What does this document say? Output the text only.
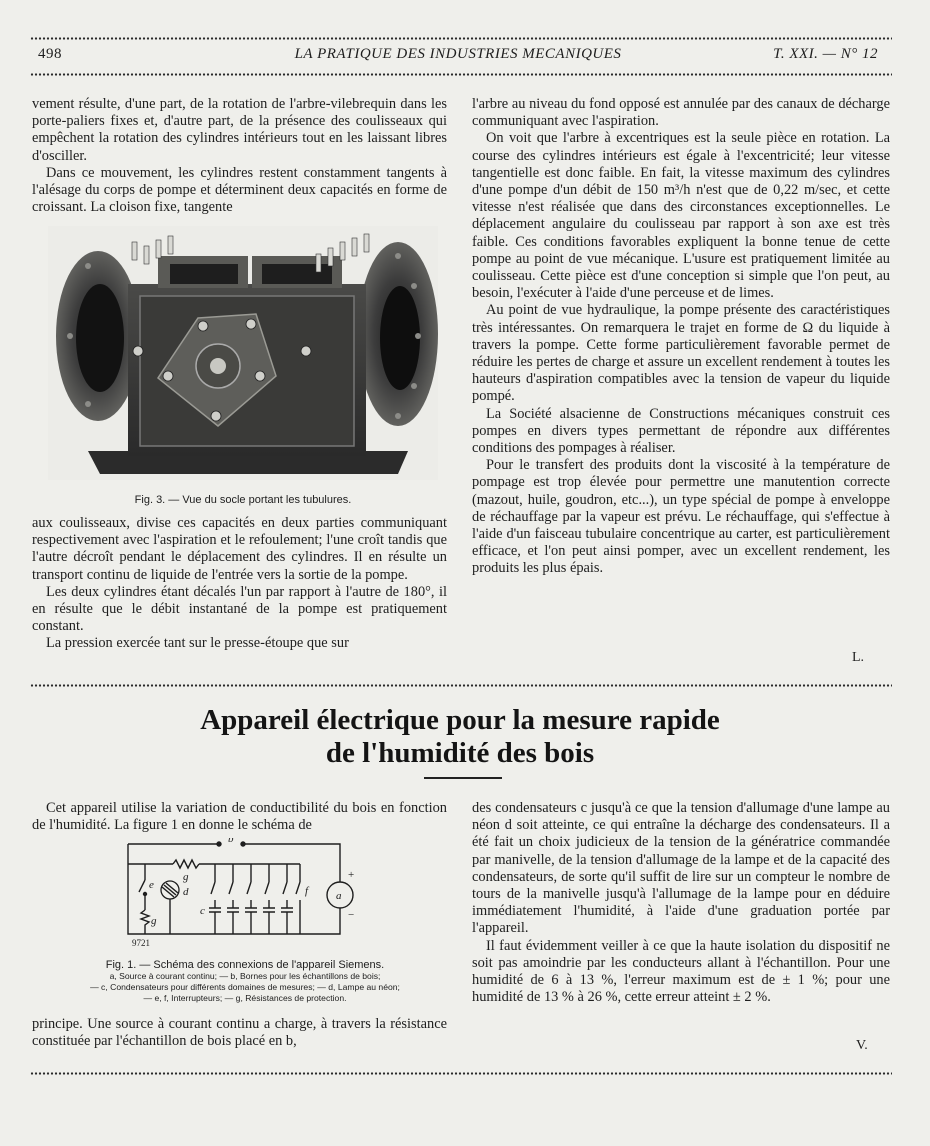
498	LA PRATIQUE DES INDUSTRIES MECANIQUES	T. XXI. — N° 12

vement résulte, d'une part, de la rotation de l'arbre-vilebrequin dans les porte-paliers fixes et, d'autre part, de la présence des coulisseaux qui empêchent la rotation des cylindres intérieurs tout en les laissant libres d'osciller.

Dans ce mouvement, les cylindres restent constamment tangents à l'alésage du corps de pompe et déterminent deux capacités en forme de croissant. La cloison fixe, tangente

Fig. 3. — Vue du socle portant les tubulures.

aux coulisseaux, divise ces capacités en deux parties communiquant respectivement avec l'aspiration et le refoulement; l'une croît tandis que l'autre décroît pendant le déplacement des cylindres. Il en résulte un transport continu de liquide de l'entrée vers la sortie de la pompe.

Les deux cylindres étant décalés l'un par rapport à l'autre de 180°, il en résulte que le débit instantané de la pompe est pratiquement constant.

La pression exercée tant sur le presse-étoupe que sur

l'arbre au niveau du fond opposé est annulée par des canaux de décharge communiquant avec l'aspiration.

On voit que l'arbre à excentriques est la seule pièce en rotation. La course des cylindres intérieurs est égale à l'excentricité; leur vitesse tangentielle est donc faible. En fait, la vitesse maximum des cylindres d'une pompe d'un débit de 150 m³/h n'est que de 0,22 m/sec, et cette vitesse n'est réalisée que dans des circonstances exceptionnelles. Le déplacement angulaire du coulisseau par rapport à son axe est très faible. Ces conditions favorables expliquent la bonne tenue de cette pompe au point de vue mécanique. L'usure est pratiquement limitée au coulisseau. Cette pièce est d'une conception si simple que l'on peut, au besoin, l'exécuter à l'aide d'une perceuse et de limes.

Au point de vue hydraulique, la pompe présente des caractéristiques très intéressantes. On remarquera le trajet en forme de Ω du liquide à travers la pompe. Cette forme particulièrement favorable permet de réduire les pertes de charge et assure un excellent rendement à toutes les hauteurs d'aspiration compatibles avec la tension de vapeur du liquide pompé.

La Société alsacienne de Constructions mécaniques construit ces pompes en divers types permettant de répondre aux différentes conditions des pompages à réaliser.

Pour le transfert des produits dont la viscosité à la température de pompage est trop élevée pour permettre une manutention correcte (mazout, huile, goudron, etc...), un type spécial de pompe à enveloppe de réchauffage par la vapeur est prévu. Le réchauffage, qui s'effectue à l'aide d'un faisceau tubulaire concentrique au carter, est particulièrement efficace, et l'on peut ainsi pomper, avec un excellent rendement, les produits les plus épais.

L.
Appareil électrique pour la mesure rapide
de l'humidité des bois

Cet appareil utilise la variation de conductibilité du bois en fonction de l'humidité. La figure 1 en donne le schéma de

b
g
e
d	a
c
f
g
+
−
9721
Fig. 1. — Schéma des connexions de l'appareil Siemens.
a, Source à courant continu; — b, Bornes pour les échantillons de bois;
— c, Condensateurs pour différents domaines de mesures; — d, Lampe au néon;
— e, f, Interrupteurs; — g, Résistances de protection.

principe. Une source à courant continu a charge, à travers la résistance constituée par l'échantillon de bois placé en b,

des condensateurs c jusqu'à ce que la tension d'allumage d'une lampe au néon d soit atteinte, ce qui entraîne la décharge des condensateurs. Il a été fait un choix judicieux de la tension de la génératrice commandée par manivelle, de la tension d'allumage de la lampe et de la capacité des condensateurs, de sorte qu'il suffit de lire sur un compteur le nombre de tours de la manivelle jusqu'à l'allumage de la lampe pour en déduire immédiatement l'humidité, à l'aide d'une graduation portée par l'appareil.

Il faut évidemment veiller à ce que la haute isolation du dispositif ne soit pas amoindrie par les conducteurs allant à l'échantillon. Pour une humidité de 6 à 13 %, l'erreur maximum est de ± 1 %; pour une humidité de 13 % à 26 %, cette erreur atteint ± 2 %.

V.
